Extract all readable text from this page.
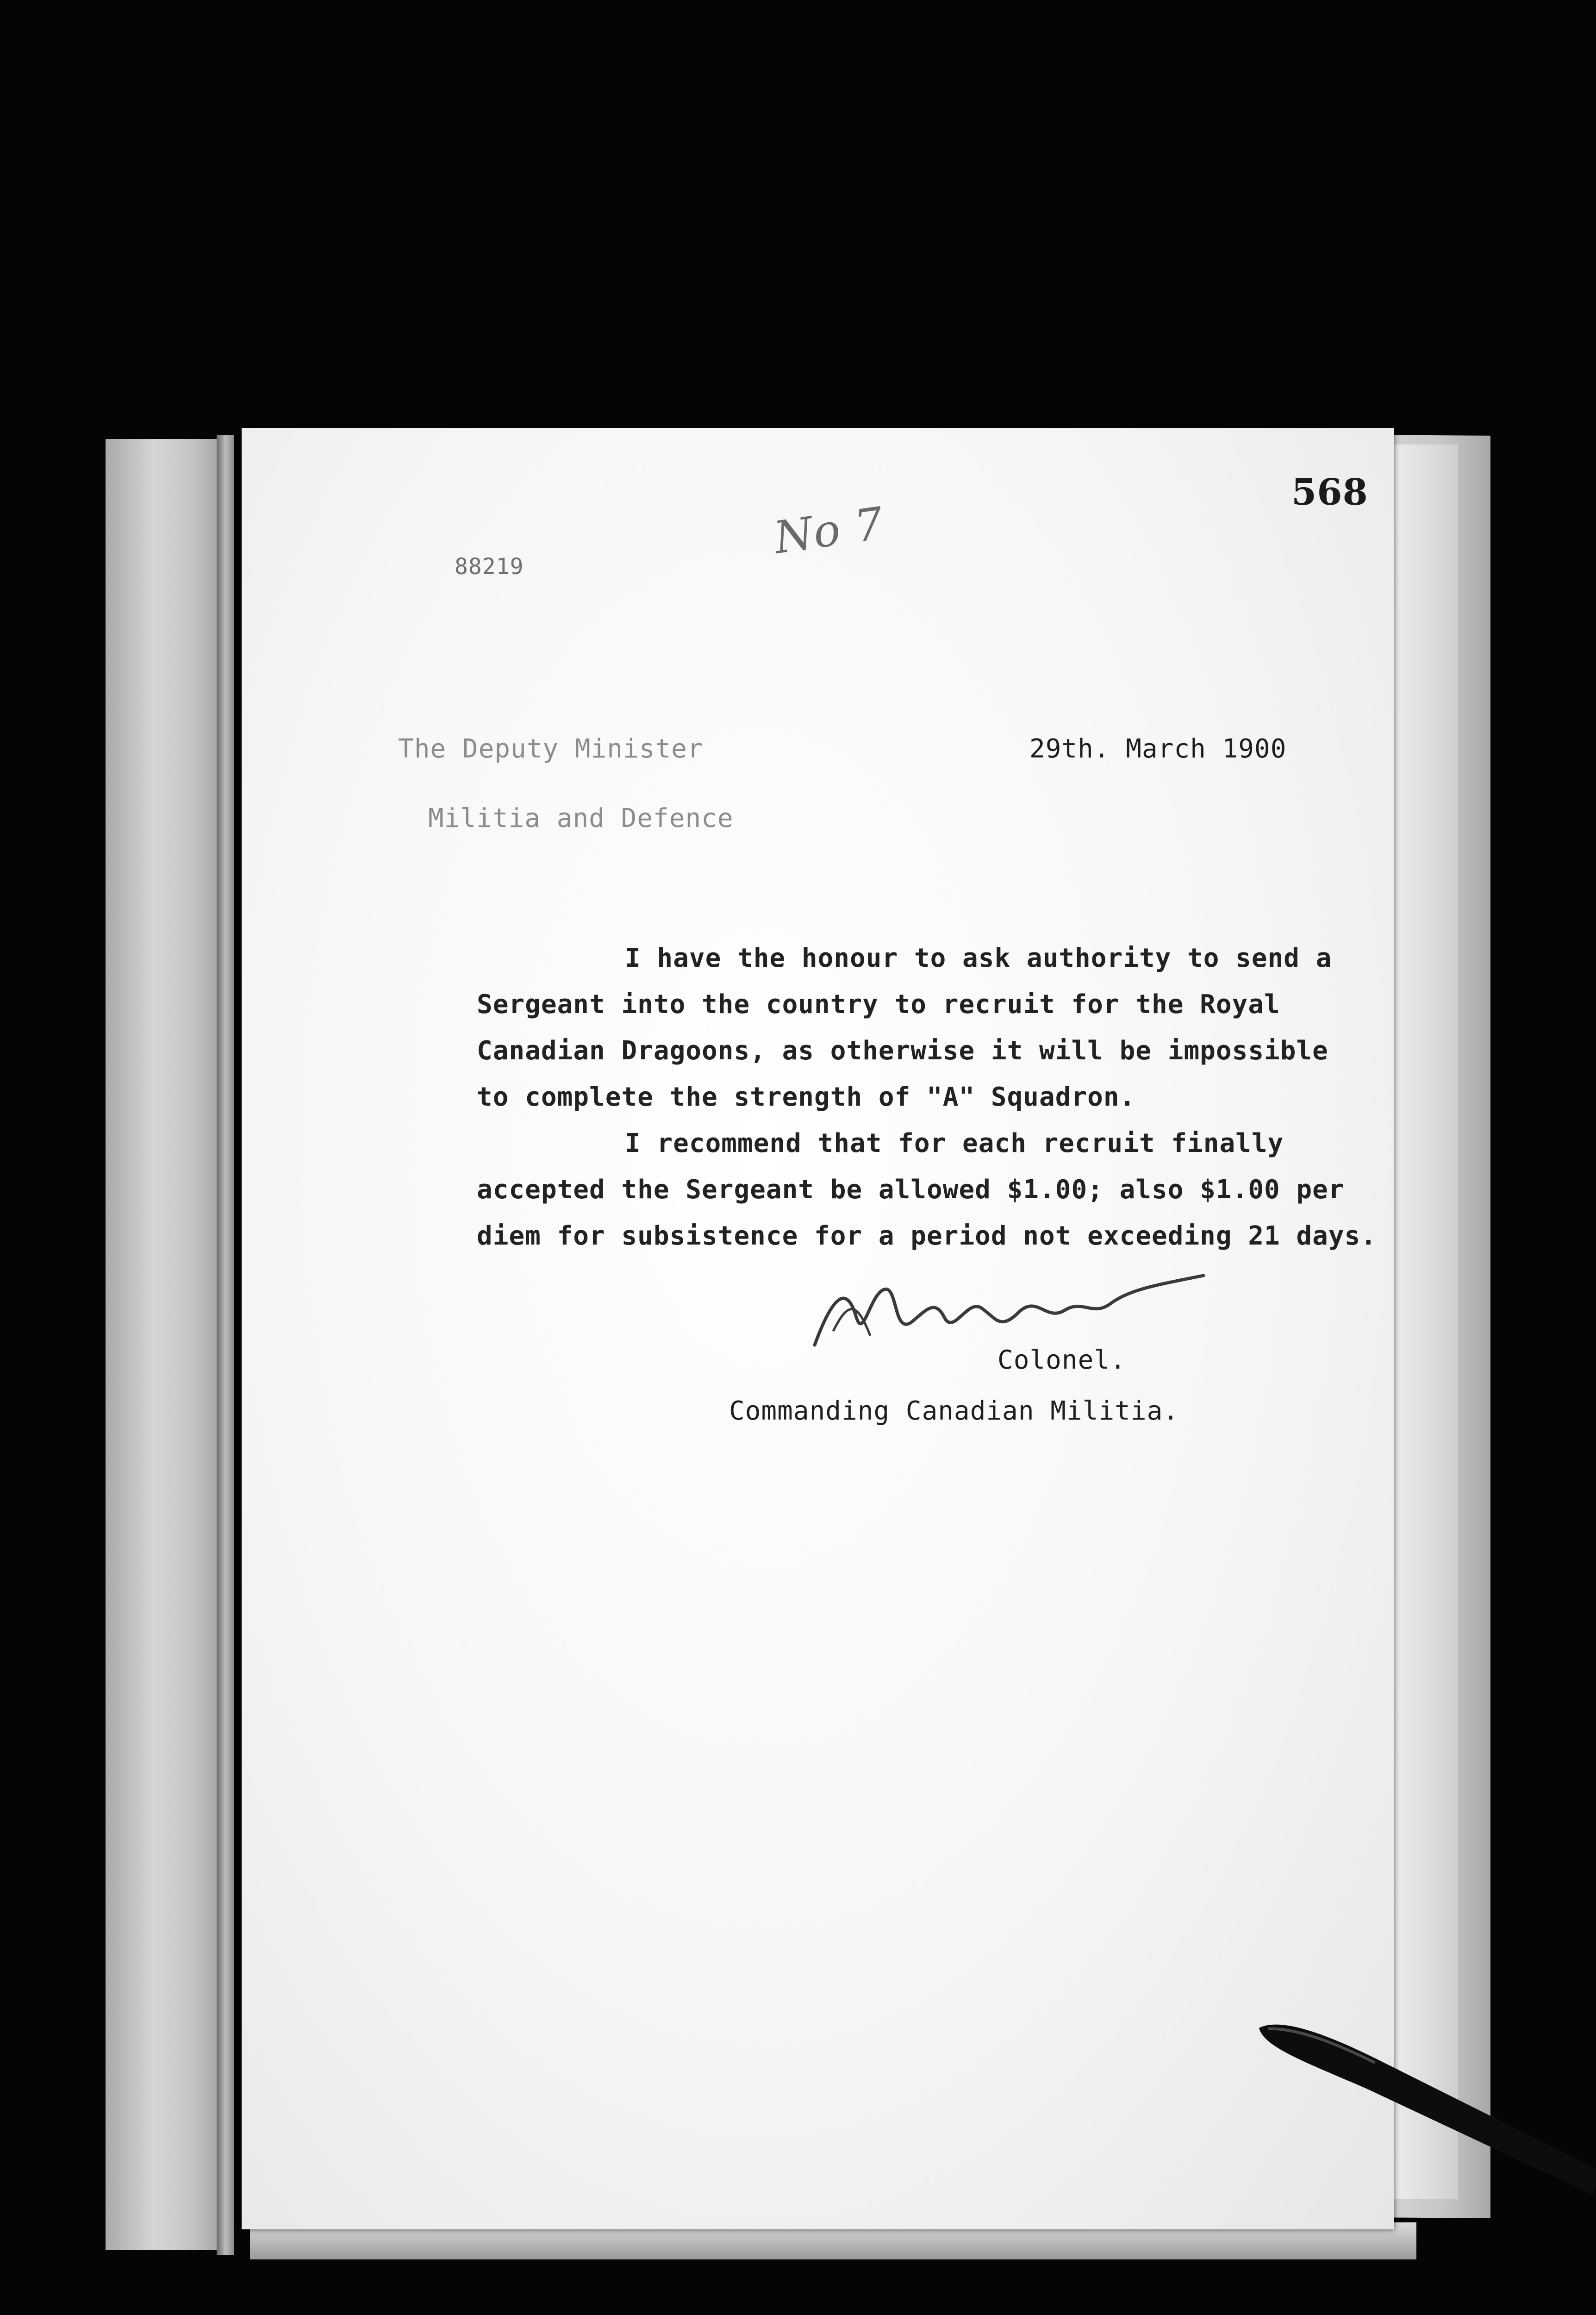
568
88219
No 7
The Deputy Minister
Militia and Defence
29th. March 1900
I have the honour to ask authority to send a
Sergeant into the country to recruit for the Royal
Canadian Dragoons, as otherwise it will be impossible
to complete the strength of "A" Squadron.
I recommend that for each recruit finally
accepted the Sergeant be allowed $1.00; also $1.00 per
diem for subsistence for a period not exceeding 21 days.
Colonel.
Commanding Canadian Militia.
